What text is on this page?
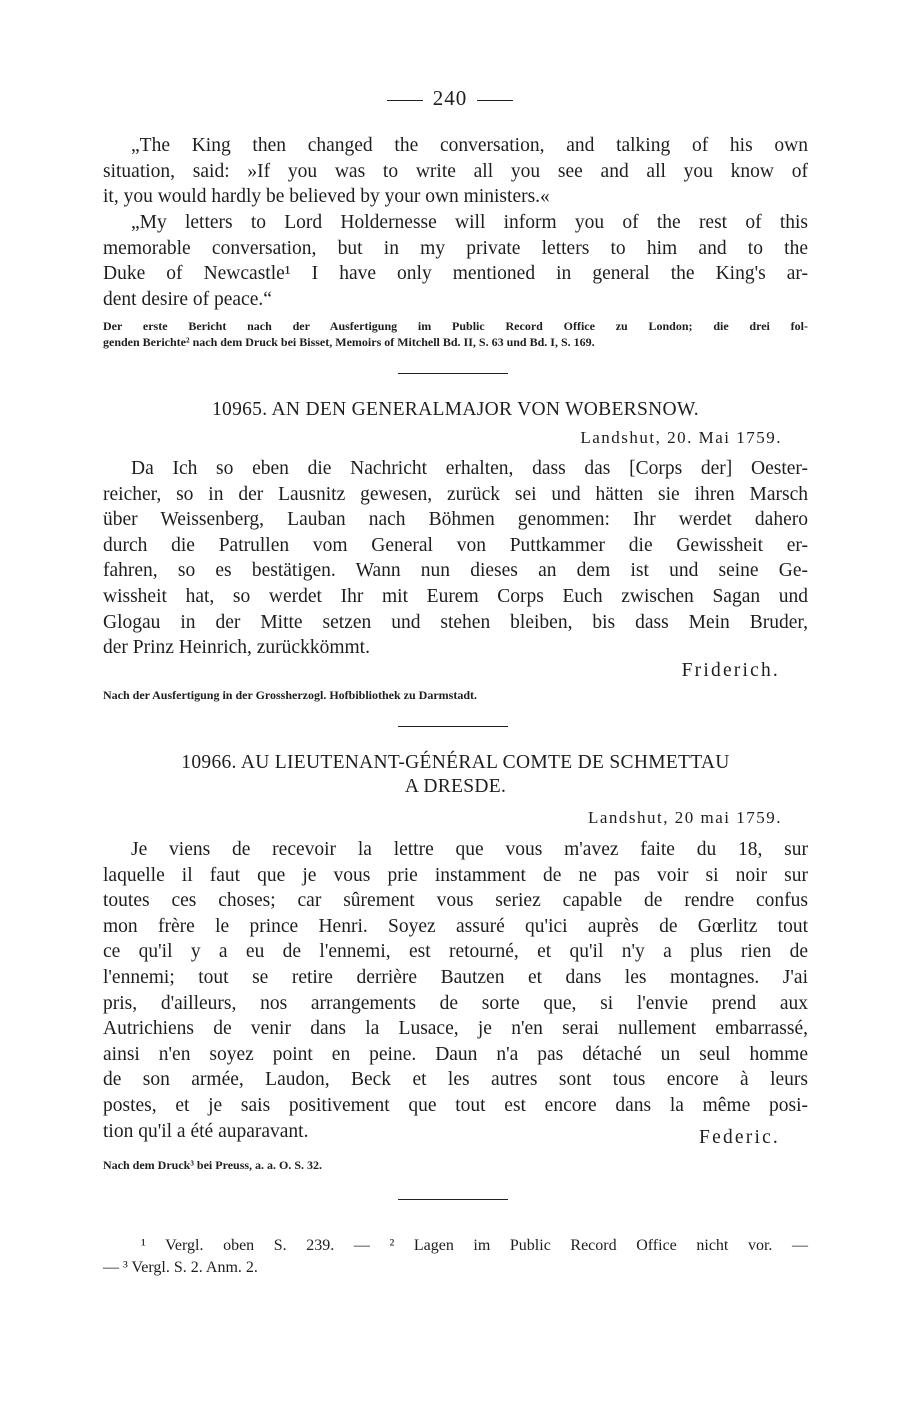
240
„The King then changed the conversation, and talking of his own
situation, said: »If you was to write all you see and all you know of
it, you would hardly be believed by your own ministers.«
„My letters to Lord Holdernesse will inform you of the rest of this
memorable conversation, but in my private letters to him and to the
Duke of Newcastle¹ I have only mentioned in general the King's ar-
dent desire of peace.“
Der erste Bericht nach der Ausfertigung im Public Record Office zu London; die drei fol-
genden Berichte² nach dem Druck bei Bisset, Memoirs of Mitchell Bd. II, S. 63 und Bd. I, S. 169.
10965. AN DEN GENERALMAJOR VON WOBERSNOW.
Landshut, 20. Mai 1759.
Da Ich so eben die Nachricht erhalten, dass das [Corps der] Oester-
reicher, so in der Lausnitz gewesen, zurück sei und hätten sie ihren Marsch
über Weissenberg, Lauban nach Böhmen genommen: Ihr werdet dahero
durch die Patrullen vom General von Puttkammer die Gewissheit er-
fahren, so es bestätigen. Wann nun dieses an dem ist und seine Ge-
wissheit hat, so werdet Ihr mit Eurem Corps Euch zwischen Sagan und
Glogau in der Mitte setzen und stehen bleiben, bis dass Mein Bruder,
der Prinz Heinrich, zurückkömmt.
Friderich.
Nach der Ausfertigung in der Grossherzogl. Hofbibliothek zu Darmstadt.
10966. AU LIEUTENANT-GÉNÉRAL COMTE DE SCHMETTAU
A DRESDE.
Landshut, 20 mai 1759.
Je viens de recevoir la lettre que vous m'avez faite du 18, sur
laquelle il faut que je vous prie instamment de ne pas voir si noir sur
toutes ces choses; car sûrement vous seriez capable de rendre confus
mon frère le prince Henri. Soyez assuré qu'ici auprès de Gœrlitz tout
ce qu'il y a eu de l'ennemi, est retourné, et qu'il n'y a plus rien de
l'ennemi; tout se retire derrière Bautzen et dans les montagnes. J'ai
pris, d'ailleurs, nos arrangements de sorte que, si l'envie prend aux
Autrichiens de venir dans la Lusace, je n'en serai nullement embarrassé,
ainsi n'en soyez point en peine. Daun n'a pas détaché un seul homme
de son armée, Laudon, Beck et les autres sont tous encore à leurs
postes, et je sais positivement que tout est encore dans la même posi-
tion qu'il a été auparavant.	Federic.
Nach dem Druck³ bei Preuss, a. a. O. S. 32.
¹ Vergl. oben S. 239. — ² Lagen im Public Record Office nicht vor. —
— ³ Vergl. S. 2. Anm. 2.
